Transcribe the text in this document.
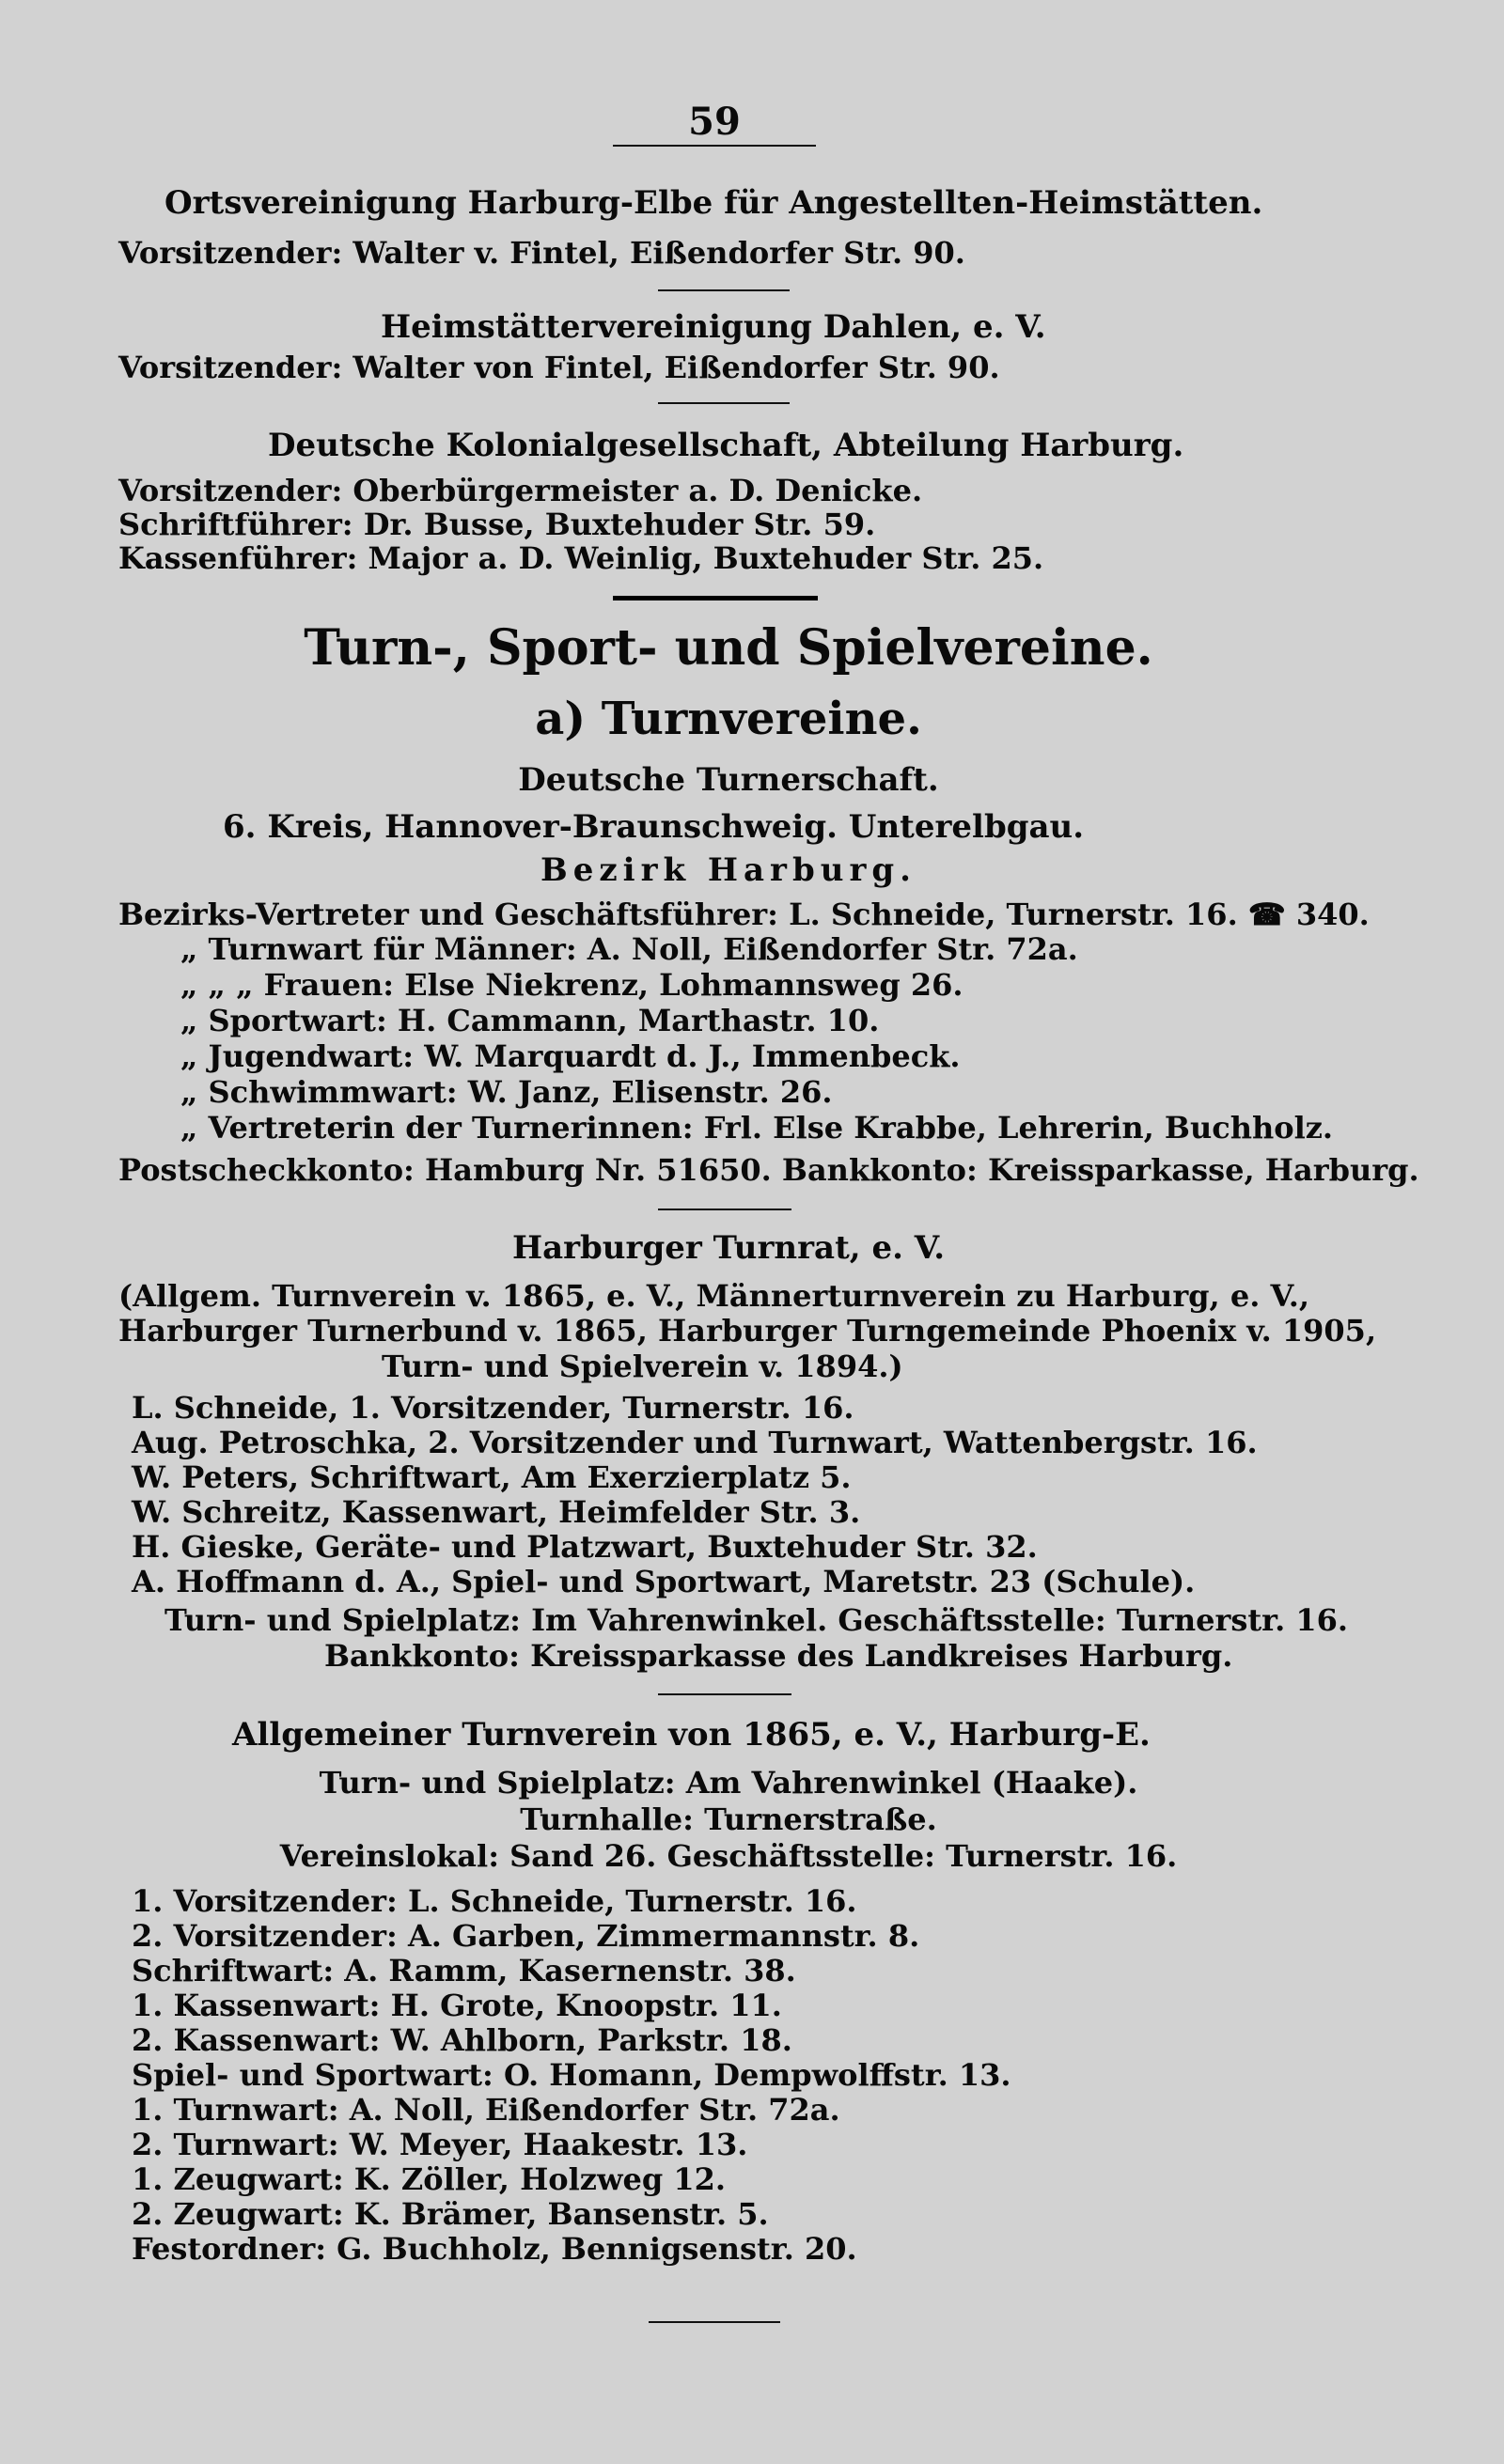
59
Ortsvereinigung Harburg-Elbe für Angestellten-Heimstätten.
Vorsitzender: Walter v. Fintel, Eißendorfer Str. 90.
Heimstättervereinigung Dahlen, e. V.
Vorsitzender: Walter von Fintel, Eißendorfer Str. 90.
Deutsche Kolonialgesellschaft, Abteilung Harburg.
Vorsitzender: Oberbürgermeister a. D. Denicke.
Schriftführer: Dr. Busse, Buxtehuder Str. 59.
Kassenführer: Major a. D. Weinlig, Buxtehuder Str. 25.
Turn-, Sport- und Spielvereine.
a) Turnvereine.
Deutsche Turnerschaft.
6. Kreis, Hannover-Braunschweig. Unterelbgau.
Bezirk Harburg.
Bezirks-Vertreter und Geschäftsführer: L. Schneide, Turnerstr. 16. ☎ 340.
„ Turnwart für Männer: A. Noll, Eißendorfer Str. 72a.
„ „ „ Frauen: Else Niekrenz, Lohmannsweg 26.
„ Sportwart: H. Cammann, Marthastr. 10.
„ Jugendwart: W. Marquardt d. J., Immenbeck.
„ Schwimmwart: W. Janz, Elisenstr. 26.
„ Vertreterin der Turnerinnen: Frl. Else Krabbe, Lehrerin, Buchholz.
Postscheckkonto: Hamburg Nr. 51650. Bankkonto: Kreissparkasse, Harburg.
Harburger Turnrat, e. V.
(Allgem. Turnverein v. 1865, e. V., Männerturnverein zu Harburg, e. V.,
Harburger Turnerbund v. 1865, Harburger Turngemeinde Phoenix v. 1905,
Turn- und Spielverein v. 1894.)
L. Schneide, 1. Vorsitzender, Turnerstr. 16.
Aug. Petroschka, 2. Vorsitzender und Turnwart, Wattenbergstr. 16.
W. Peters, Schriftwart, Am Exerzierplatz 5.
W. Schreitz, Kassenwart, Heimfelder Str. 3.
H. Gieske, Geräte- und Platzwart, Buxtehuder Str. 32.
A. Hoffmann d. A., Spiel- und Sportwart, Maretstr. 23 (Schule).
Turn- und Spielplatz: Im Vahrenwinkel. Geschäftsstelle: Turnerstr. 16.
Bankkonto: Kreissparkasse des Landkreises Harburg.
Allgemeiner Turnverein von 1865, e. V., Harburg-E.
Turn- und Spielplatz: Am Vahrenwinkel (Haake).
Turnhalle: Turnerstraße.
Vereinslokal: Sand 26. Geschäftsstelle: Turnerstr. 16.
1. Vorsitzender: L. Schneide, Turnerstr. 16.
2. Vorsitzender: A. Garben, Zimmermannstr. 8.
Schriftwart: A. Ramm, Kasernenstr. 38.
1. Kassenwart: H. Grote, Knoopstr. 11.
2. Kassenwart: W. Ahlborn, Parkstr. 18.
Spiel- und Sportwart: O. Homann, Dempwolffstr. 13.
1. Turnwart: A. Noll, Eißendorfer Str. 72a.
2. Turnwart: W. Meyer, Haakestr. 13.
1. Zeugwart: K. Zöller, Holzweg 12.
2. Zeugwart: K. Brämer, Bansenstr. 5.
Festordner: G. Buchholz, Bennigsenstr. 20.
